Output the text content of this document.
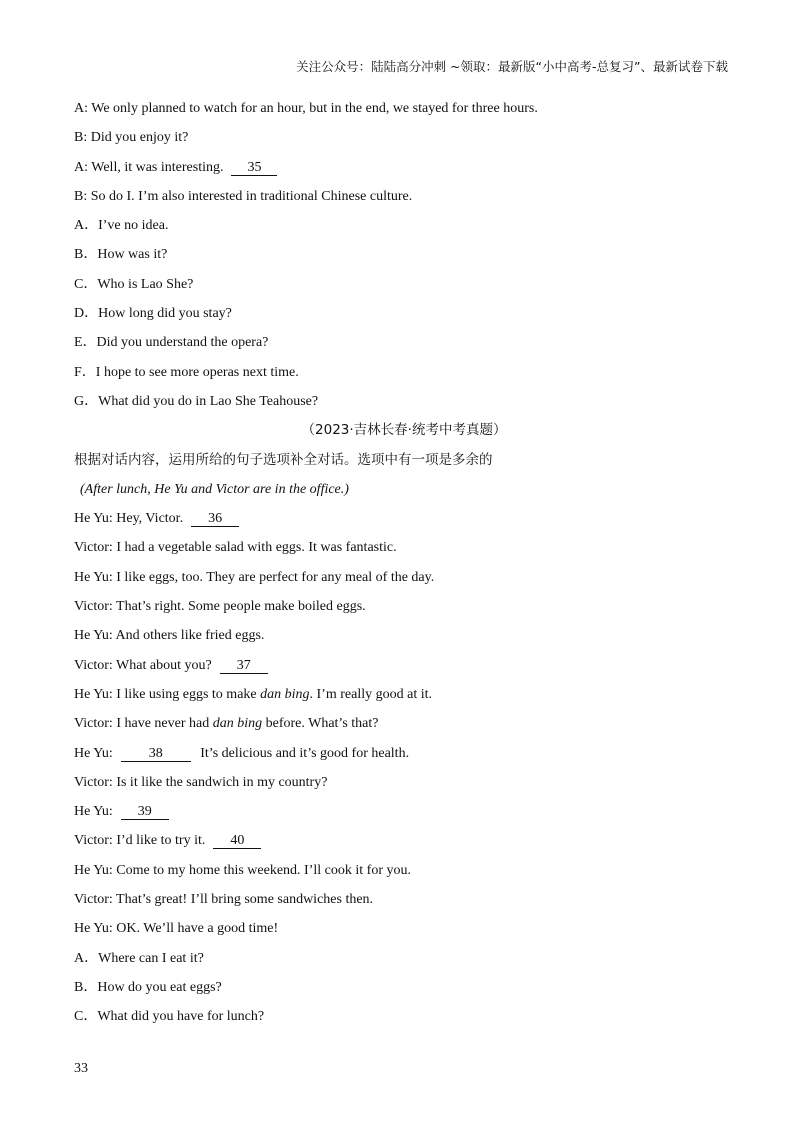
关注公众号：陆陆高分冲刺 ~领取：最新版“小中高考-总复习”、最新试卷下载
A: We only planned to watch for an hour, but in the end, we stayed for three hours.
B: Did you enjoy it?
A: Well, it was interesting. 35
B: So do I. I’m also interested in traditional Chinese culture.
A．I’ve no idea.
B．How was it?
C．Who is Lao She?
D．How long did you stay?
E．Did you understand the opera?
F．I hope to see more operas next time.
G．What did you do in Lao She Teahouse?
（2023·吉林长春·统考中考真题）
根据对话内容，运用所给的句子选项补全对话。选项中有一项是多余的
(After lunch, He Yu and Victor are in the office.)
He Yu: Hey, Victor. 36
Victor: I had a vegetable salad with eggs. It was fantastic.
He Yu: I like eggs, too. They are perfect for any meal of the day.
Victor: That’s right. Some people make boiled eggs.
He Yu: And others like fried eggs.
Victor: What about you? 37
He Yu: I like using eggs to make dan bing. I’m really good at it.
Victor: I have never had dan bing before. What’s that?
He Yu:	38	It’s delicious and it’s good for health.
Victor: Is it like the sandwich in my country?
He Yu: 39
Victor: I’d like to try it. 40
He Yu: Come to my home this weekend. I’ll cook it for you.
Victor: That’s great! I’ll bring some sandwiches then.
He Yu: OK. We’ll have a good time!
A．Where can I eat it?
B．How do you eat eggs?
C．What did you have for lunch?
33
